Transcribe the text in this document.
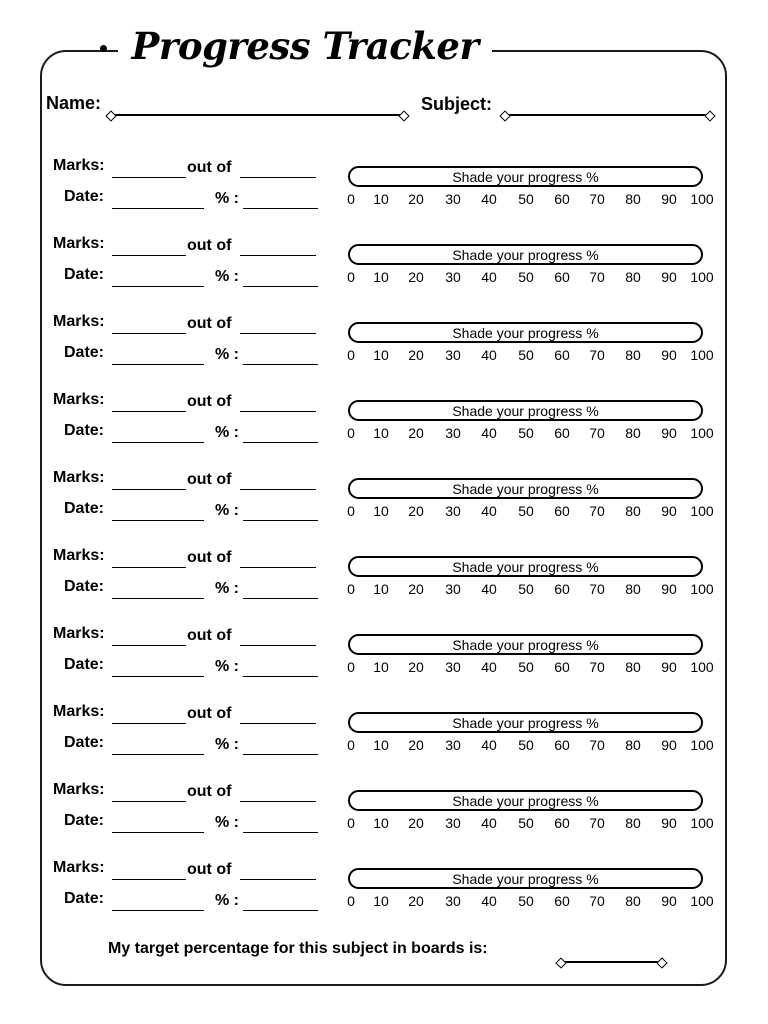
Progress Tracker
Name:	Subject:
Marks:	out of
Date:	% :
Shade your progress %
0 10 20 30 40 50 60 70 80 90 100
Marks:	out of
Date:	% :
Shade your progress %
0 10 20 30 40 50 60 70 80 90 100
Marks:	out of
Date:	% :
Shade your progress %
0 10 20 30 40 50 60 70 80 90 100
Marks:	out of
Date:	% :
Shade your progress %
0 10 20 30 40 50 60 70 80 90 100
Marks:	out of
Date:	% :
Shade your progress %
0 10 20 30 40 50 60 70 80 90 100
Marks:	out of
Date:	% :
Shade your progress %
0 10 20 30 40 50 60 70 80 90 100
Marks:	out of
Date:	% :
Shade your progress %
0 10 20 30 40 50 60 70 80 90 100
Marks:	out of
Date:	% :
Shade your progress %
0 10 20 30 40 50 60 70 80 90 100
Marks:	out of
Date:	% :
Shade your progress %
0 10 20 30 40 50 60 70 80 90 100
Marks:	out of
Date:	% :
Shade your progress %
0 10 20 30 40 50 60 70 80 90 100
My target percentage for this subject in boards is:
